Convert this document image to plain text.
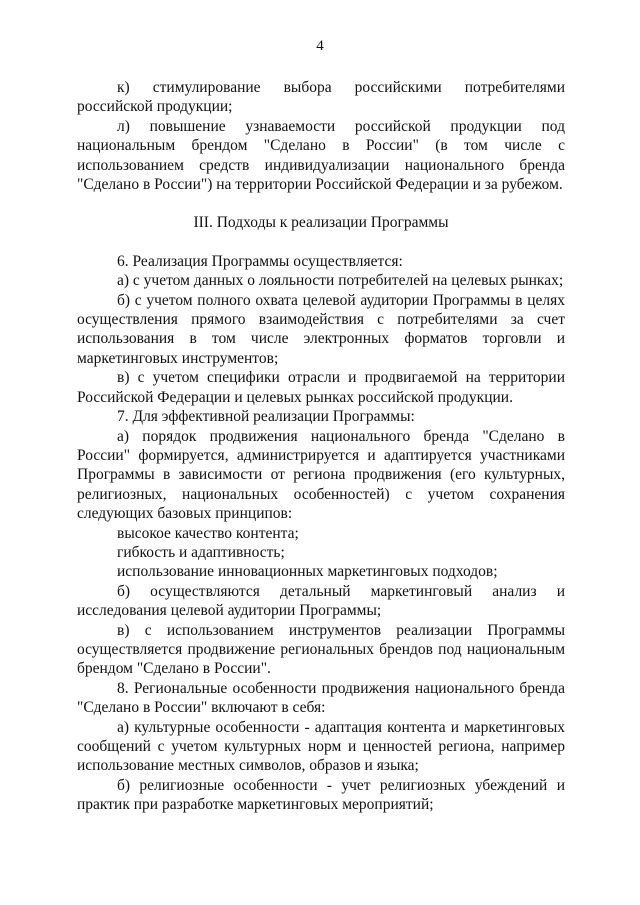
4

к) стимулирование выбора российскими потребителями российской продукции;

л) повышение узнаваемости российской продукции под национальным брендом "Сделано в России" (в том числе с использованием средств индивидуализации национального бренда "Сделано в России") на территории Российской Федерации и за рубежом.

III. Подходы к реализации Программы

6. Реализация Программы осуществляется:

а) с учетом данных о лояльности потребителей на целевых рынках;

б) с учетом полного охвата целевой аудитории Программы в целях осуществления прямого взаимодействия с потребителями за счет использования в том числе электронных форматов торговли и маркетинговых инструментов;

в) с учетом специфики отрасли и продвигаемой на территории Российской Федерации и целевых рынках российской продукции.

7. Для эффективной реализации Программы:

а) порядок продвижения национального бренда "Сделано в России" формируется, администрируется и адаптируется участниками Программы в зависимости от региона продвижения (его культурных, религиозных, национальных особенностей) с учетом сохранения следующих базовых принципов:

высокое качество контента;

гибкость и адаптивность;

использование инновационных маркетинговых подходов;

б) осуществляются детальный маркетинговый анализ и исследования целевой аудитории Программы;

в) с использованием инструментов реализации Программы осуществляется продвижение региональных брендов под национальным брендом "Сделано в России".

8. Региональные особенности продвижения национального бренда "Сделано в России" включают в себя:

а) культурные особенности - адаптация контента и маркетинговых сообщений с учетом культурных норм и ценностей региона, например использование местных символов, образов и языка;

б) религиозные особенности - учет религиозных убеждений и практик при разработке маркетинговых мероприятий;
